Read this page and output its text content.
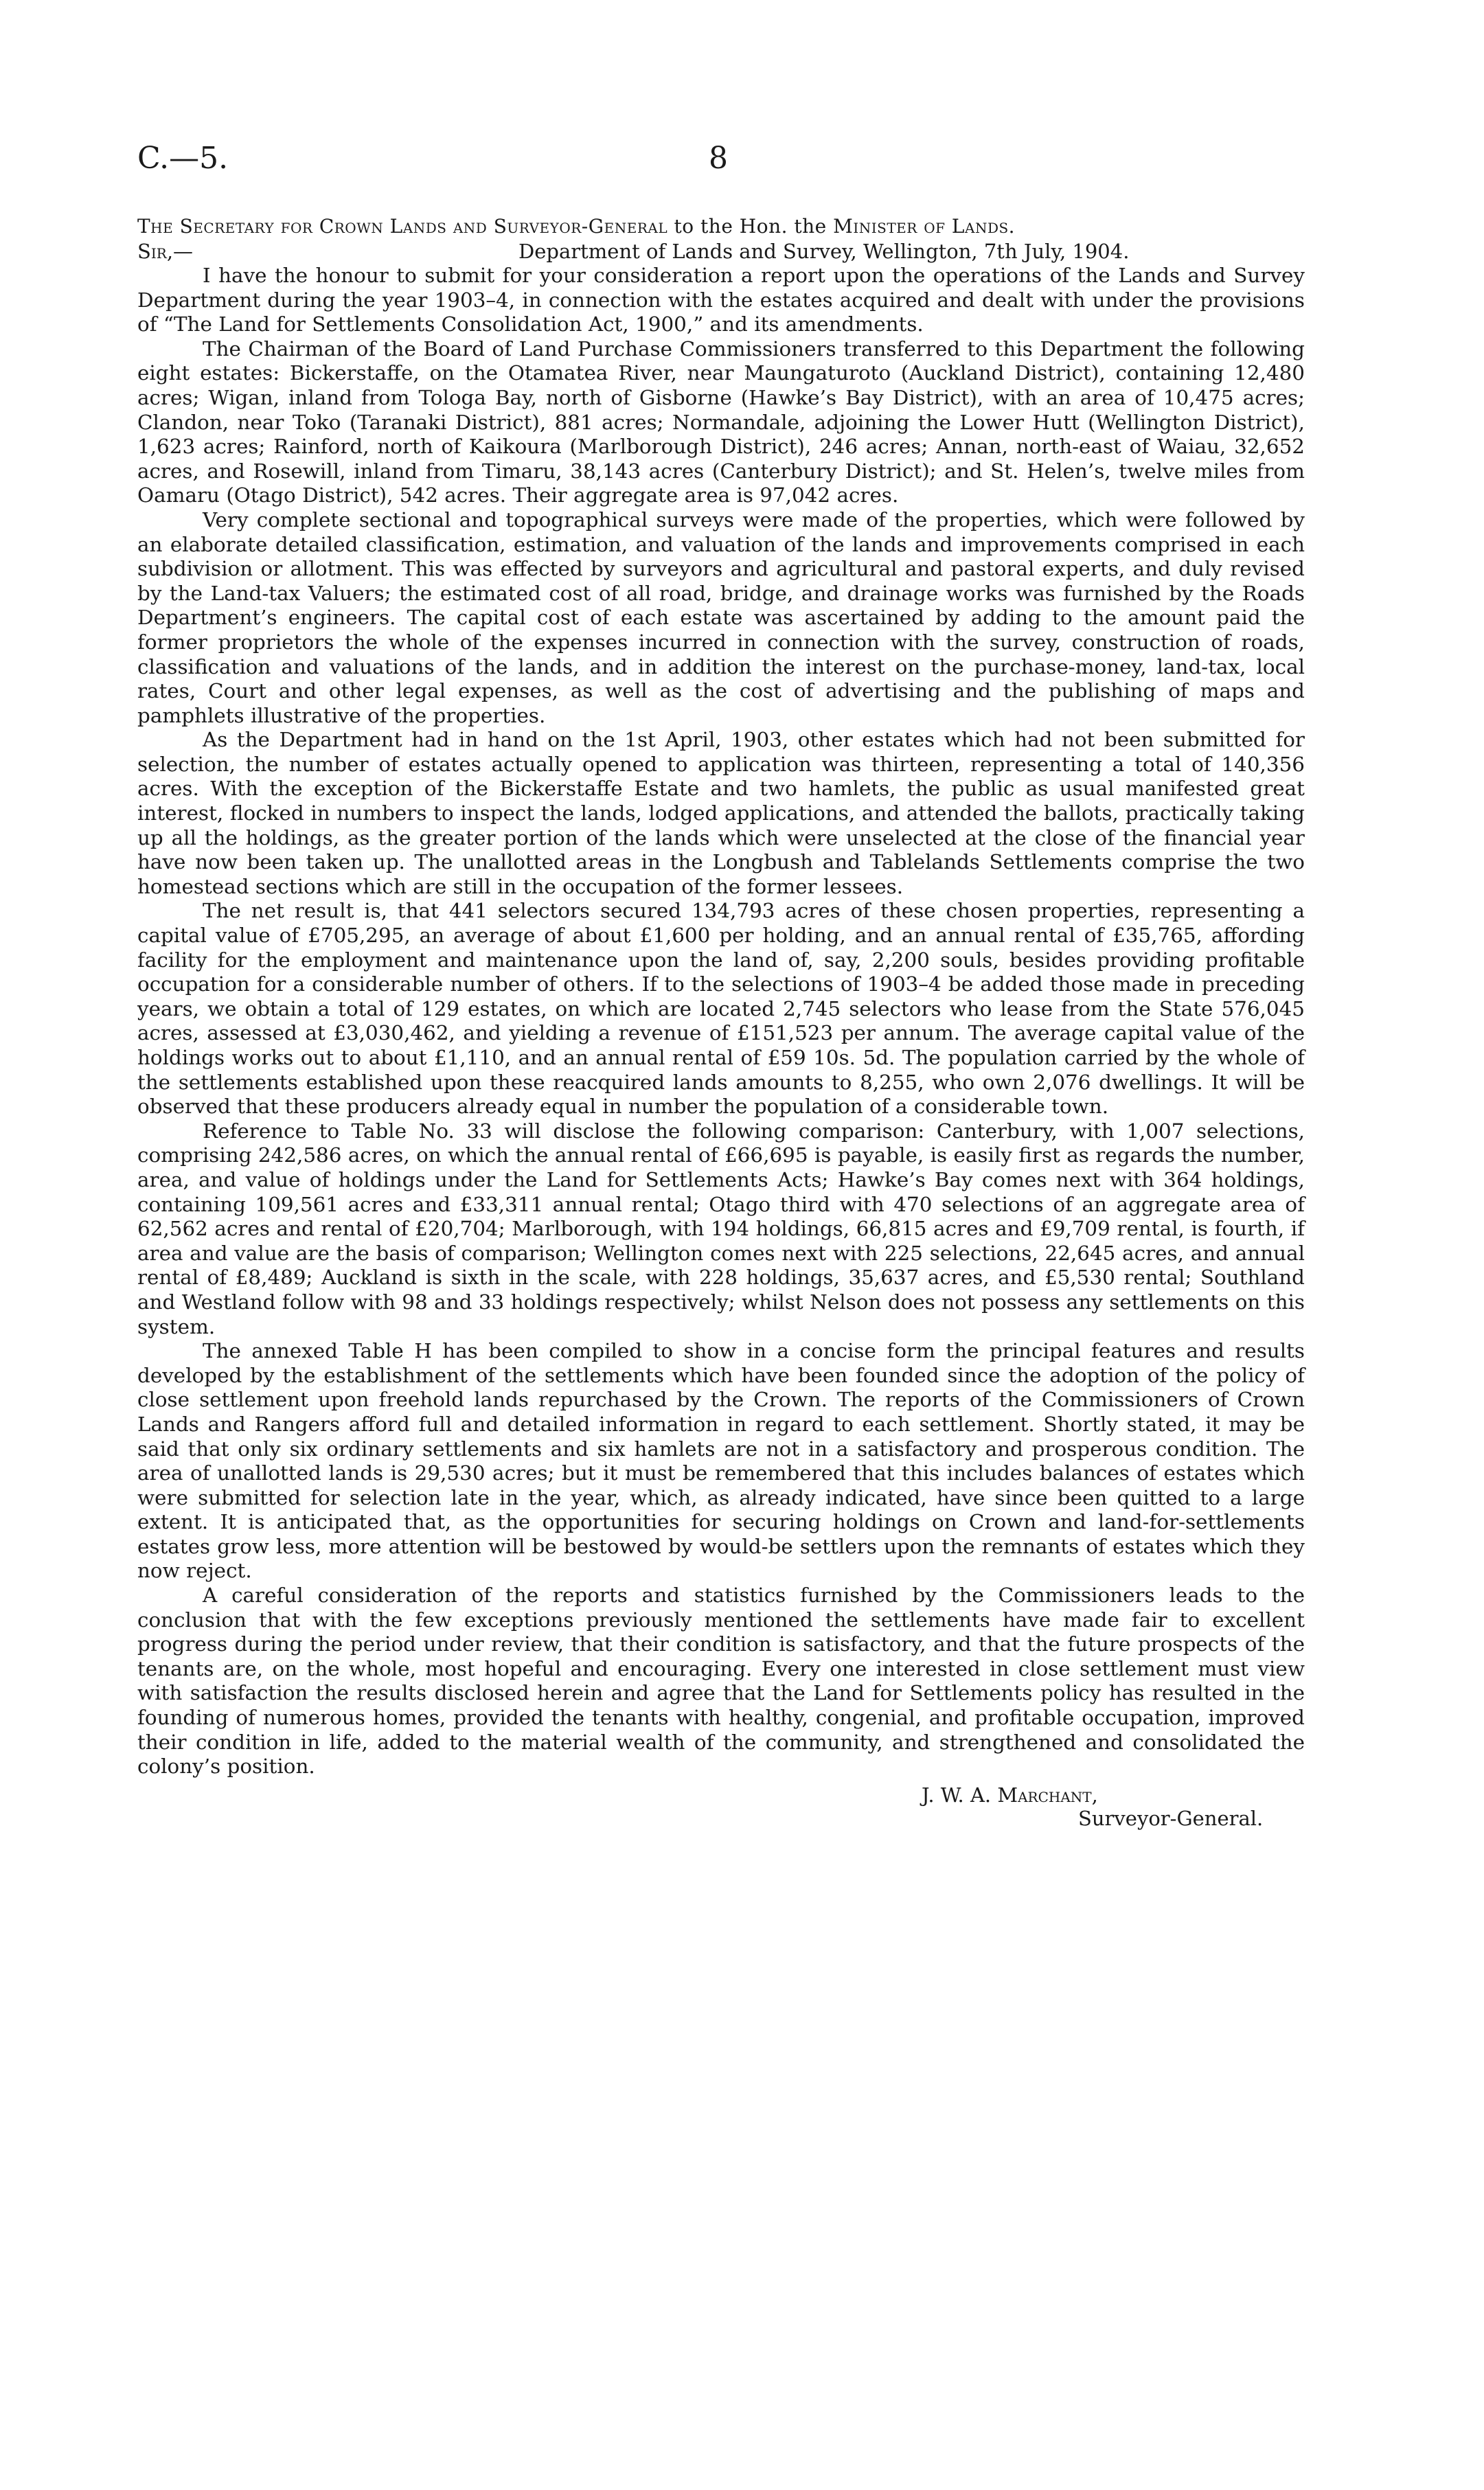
C.—5.	8
The Secretary for Crown Lands and Surveyor-General to the Hon. the Minister of Lands.
Sir,—	Department of Lands and Survey, Wellington, 7th July, 1904.

I have the honour to submit for your consideration a report upon the operations of the Lands and Survey Department during the year 1903–4, in connection with the estates acquired and dealt with under the provisions of “The Land for Settlements Consolidation Act, 1900,” and its amendments.

The Chairman of the Board of Land Purchase Commissioners transferred to this Department the following eight estates: Bickerstaffe, on the Otamatea River, near Maungaturoto (Auckland District), containing 12,480 acres; Wigan, inland from Tologa Bay, north of Gisborne (Hawke’s Bay District), with an area of 10,475 acres; Clandon, near Toko (Taranaki District), 881 acres; Normandale, adjoining the Lower Hutt (Wellington District), 1,623 acres; Rainford, north of Kaikoura (Marlborough District), 246 acres; Annan, north-east of Waiau, 32,652 acres, and Rosewill, inland from Timaru, 38,143 acres (Canterbury District); and St. Helen’s, twelve miles from Oamaru (Otago District), 542 acres. Their aggregate area is 97,042 acres.

Very complete sectional and topographical surveys were made of the properties, which were followed by an elaborate detailed classification, estimation, and valuation of the lands and improvements comprised in each subdivision or allotment. This was effected by surveyors and agricultural and pastoral experts, and duly revised by the Land-tax Valuers; the estimated cost of all road, bridge, and drainage works was furnished by the Roads Department’s engineers. The capital cost of each estate was ascertained by adding to the amount paid the former proprietors the whole of the expenses incurred in connection with the survey, construction of roads, classification and valuations of the lands, and in addition the interest on the purchase-money, land-tax, local rates, Court and other legal expenses, as well as the cost of advertising and the publishing of maps and pamphlets illustrative of the properties.

As the Department had in hand on the 1st April, 1903, other estates which had not been submitted for selection, the number of estates actually opened to application was thirteen, representing a total of 140,356 acres. With the exception of the Bickerstaffe Estate and two hamlets, the public as usual manifested great interest, flocked in numbers to inspect the lands, lodged applications, and attended the ballots, practically taking up all the holdings, as the greater portion of the lands which were unselected at the close of the financial year have now been taken up. The unallotted areas in the Longbush and Tablelands Settlements comprise the two homestead sections which are still in the occupation of the former lessees.

The net result is, that 441 selectors secured 134,793 acres of these chosen properties, representing a capital value of £705,295, an average of about £1,600 per holding, and an annual rental of £35,765, affording facility for the employment and maintenance upon the land of, say, 2,200 souls, besides providing profitable occupation for a considerable number of others. If to the selections of 1903–4 be added those made in preceding years, we obtain a total of 129 estates, on which are located 2,745 selectors who lease from the State 576,045 acres, assessed at £3,030,462, and yielding a revenue of £151,523 per annum. The average capital value of the holdings works out to about £1,110, and an annual rental of £59 10s. 5d. The population carried by the whole of the settlements established upon these reacquired lands amounts to 8,255, who own 2,076 dwellings. It will be observed that these producers already equal in number the population of a considerable town.

Reference to Table No. 33 will disclose the following comparison: Canterbury, with 1,007 selections, comprising 242,586 acres, on which the annual rental of £66,695 is payable, is easily first as regards the number, area, and value of holdings under the Land for Settlements Acts; Hawke’s Bay comes next with 364 holdings, containing 109,561 acres and £33,311 annual rental; Otago third with 470 selections of an aggregate area of 62,562 acres and rental of £20,704; Marlborough, with 194 holdings, 66,815 acres and £9,709 rental, is fourth, if area and value are the basis of comparison; Wellington comes next with 225 selections, 22,645 acres, and annual rental of £8,489; Auckland is sixth in the scale, with 228 holdings, 35,637 acres, and £5,530 rental; Southland and Westland follow with 98 and 33 holdings respectively; whilst Nelson does not possess any settlements on this system.

The annexed Table H has been compiled to show in a concise form the principal features and results developed by the establishment of the settlements which have been founded since the adoption of the policy of close settlement upon freehold lands repurchased by the Crown. The reports of the Commissioners of Crown Lands and Rangers afford full and detailed information in regard to each settlement. Shortly stated, it may be said that only six ordinary settlements and six hamlets are not in a satisfactory and prosperous condition. The area of unallotted lands is 29,530 acres; but it must be remembered that this includes balances of estates which were submitted for selection late in the year, which, as already indicated, have since been quitted to a large extent. It is anticipated that, as the opportunities for securing holdings on Crown and land-for-settlements estates grow less, more attention will be bestowed by would-be settlers upon the remnants of estates which they now reject.

A careful consideration of the reports and statistics furnished by the Commissioners leads to the conclusion that with the few exceptions previously mentioned the settlements have made fair to excellent progress during the period under review, that their condition is satisfactory, and that the future prospects of the tenants are, on the whole, most hopeful and encouraging. Every one interested in close settlement must view with satisfaction the results disclosed herein and agree that the Land for Settlements policy has resulted in the founding of numerous homes, provided the tenants with healthy, congenial, and profitable occupation, improved their condition in life, added to the material wealth of the community, and strengthened and consolidated the colony’s position.

J. W. A. Marchant,
Surveyor-General.
